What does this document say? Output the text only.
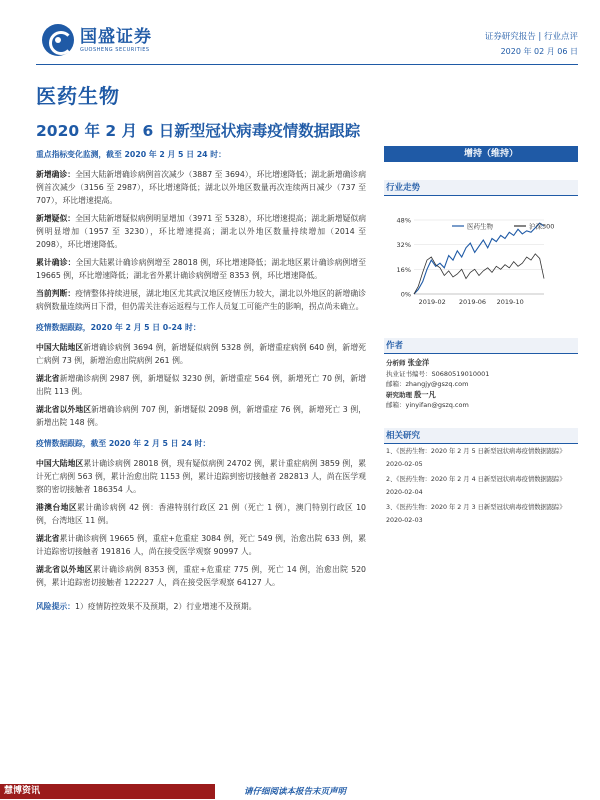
国盛证券
GUOSHENG SECURITIES
证券研究报告 | 行业点评
2020 年 02 月 06 日
医药生物
2020 年 2 月 6 日新型冠状病毒疫情数据跟踪
重点指标变化监测，截至 2020 年 2 月 5 日 24 时：
新增确诊：全国大陆新增确诊病例首次减少（3887 至 3694），环比增速降低；湖北新增确诊病例首次减少（3156 至 2987），环比增速降低；湖北以外地区数量再次连续两日减少（737 至 707），环比增速提高。
新增疑似：全国大陆新增疑似病例明显增加（3971 至 5328），环比增速提高；湖北新增疑似病例明显增加（1957 至 3230），环比增速提高；湖北以外地区数量持续增加（2014 至 2098），环比增速降低。
累计确诊：全国大陆累计确诊病例增至 28018 例，环比增速降低；湖北地区累计确诊病例增至 19665 例，环比增速降低；湖北省外累计确诊病例增至 8353 例，环比增速降低。
当前判断：疫情整体持续进展，湖北地区尤其武汉地区疫情压力较大，湖北以外地区的新增确诊病例数量连续两日下滑，但仍需关注春运返程与工作人员复工可能产生的影响，拐点尚未确立。
疫情数据跟踪，2020 年 2 月 5 日 0-24 时：
中国大陆地区新增确诊病例 3694 例，新增疑似病例 5328 例，新增重症病例 640 例，新增死亡病例 73 例，新增治愈出院病例 261 例。
湖北省新增确诊病例 2987 例，新增疑似 3230 例，新增重症 564 例，新增死亡 70 例，新增出院 113 例。
湖北省以外地区新增确诊病例 707 例，新增疑似 2098 例，新增重症 76 例，新增死亡 3 例，新增出院 148 例。
疫情数据跟踪，截至 2020 年 2 月 5 日 24 时：
中国大陆地区累计确诊病例 28018 例，现有疑似病例 24702 例，累计重症病例 3859 例，累计死亡病例 563 例，累计治愈出院 1153 例，累计追踪到密切接触者 282813 人，尚在医学观察的密切接触者 186354 人。
港澳台地区累计确诊病例 42 例：香港特别行政区 21 例（死亡 1 例），澳门特别行政区 10 例，台湾地区 11 例。
湖北省累计确诊病例 19665 例，重症+危重症 3084 例，死亡 549 例，治愈出院 633 例，累计追踪密切接触者 191816 人，尚在接受医学观察 90997 人。
湖北省以外地区累计确诊病例 8353 例，重症+危重症 775 例，死亡 14 例，治愈出院 520 例，累计追踪密切接触者 122227 人，尚在接受医学观察 64127 人。
风险提示：1）疫情防控效果不及预期，2）行业增速不及预期。
增持（维持）
行业走势
48%
32%
16%
0%
2019-02 2019-06 2019-10
医药生物	沪深300
作者
分析师 张金洋
执业证书编号：S0680519010001
邮箱：zhangjy@gszq.com
研究助理 殷一凡
邮箱：yinyifan@gszq.com
相关研究
1、《医药生物：2020 年 2 月 5 日新型冠状病毒疫情数据跟踪》2020-02-05
2、《医药生物：2020 年 2 月 4 日新型冠状病毒疫情数据跟踪》2020-02-04
3、《医药生物：2020 年 2 月 3 日新型冠状病毒疫情数据跟踪》2020-02-03
慧博资讯	请仔细阅读本报告末页声明
